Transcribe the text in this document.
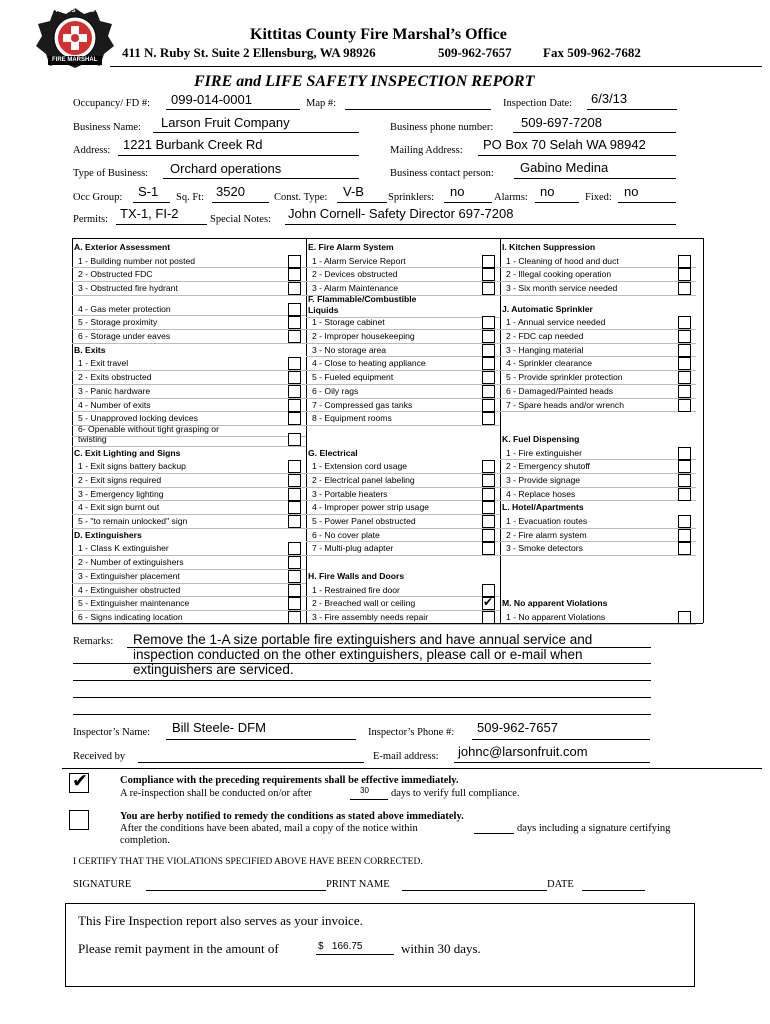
KITTITAS COUNTY
FIRE MARSHAL
Kittitas County Fire Marshal’s Office
411 N. Ruby St. Suite 2 Ellensburg, WA 98926	509-962-7657 Fax 509-962-7682
FIRE and LIFE SAFETY INSPECTION REPORT
Occupancy/ FD #: 099-014-0001	Map #:	Inspection Date: 6/3/13
Business Name: Larson Fruit Company	Business phone number: 509-697-7208
Address: 1221 Burbank Creek Rd	Mailing Address: PO Box 70 Selah WA 98942
Type of Business: Orchard operations	Business contact person: Gabino Medina
Occ Group: S-1 Sq. Ft: 3520	Const. Type: V-B Sprinklers: no	Alarms: no	Fixed: no
Permits: TX-1, FI-2	Special Notes: John Cornell- Safety Director 697-7208
A. Exterior Assessment
1 - Building number not posted
2 - Obstructed FDC
3 - Obstructed fire hydrant
4 - Gas meter protection
5 - Storage proximity
6 - Storage under eaves
B. Exits
1 - Exit travel
2 - Exits obstructed
3 - Panic hardware
4 - Number of exits
5 - Unapproved locking devices
6- Openable without tight grasping or
twisting
C. Exit Lighting and Signs
1 - Exit signs battery backup
2 - Exit signs required
3 - Emergency lighting
4 - Exit sign burnt out
5 - "to remain unlocked" sign
D. Extinguishers
1 - Class K extinguisher
2 - Number of extinguishers
3 - Extinguisher placement
4 - Extinguisher obstructed
5 - Extinguisher maintenance
6 - Signs indicating location
E. Fire Alarm System
1 - Alarm Service Report
2 - Devices obstructed
3 - Alarm Maintenance
F. Flammable/Combustible
Liquids
1 - Storage cabinet
2 - Improper housekeeping
3 - No storage area
4 - Close to heating appliance
5 - Fueled equipment
6 - Oily rags
7 - Compressed gas tanks
8 - Equipment rooms
G. Electrical
1 - Extension cord usage
2 - Electrical panel labeling
3 - Portable heaters
4 - Improper power strip usage
5 - Power Panel obstructed
6 - No cover plate
7 - Multi-plug adapter
H. Fire Walls and Doors
1 - Restrained fire door
2 - Breached wall or ceiling	✔
3 - Fire assembly needs repair
I. Kitchen Suppression
1 - Cleaning of hood and duct
2 - Illegal cooking operation
3 - Six month service needed
J. Automatic Sprinkler
1 - Annual service needed
2 - FDC cap needed
3 - Hanging material
4 - Sprinkler clearance
5 - Provide sprinkler protection
6 - Damaged/Painted heads
7 - Spare heads and/or wrench
K. Fuel Dispensing
1 - Fire extinguisher
2 - Emergency shutoff
3 - Provide signage
4 - Replace hoses
L. Hotel/Apartments
1 - Evacuation routes
2 - Fire alarm system
3 - Smoke detectors
M. No apparent Violations
1 - No apparent Violations
Remarks: Remove the 1-A size portable fire extinguishers and have annual service and
inspection conducted on the other extinguishers, please call or e-mail when
extinguishers are serviced.
Inspector’s Name: Bill Steele- DFM	Inspector’s Phone #: 509-962-7657
Received by	E-mail address: johnc@larsonfruit.com
✔	Compliance with the preceding requirements shall be effective immediately.
A re-inspection shall be conducted on/or after	30 days to verify full compliance.
You are herby notified to remedy the conditions as stated above immediately.
After the conditions have been abated, mail a copy of the notice within	days including a signature certifying
completion.
I CERTIFY THAT THE VIOLATIONS SPECIFIED ABOVE HAVE BEEN CORRECTED.
SIGNATURE	PRINT NAME	DATE
This Fire Inspection report also serves as your invoice.
Please remit payment in the amount of	$   166.75	within 30 days.
